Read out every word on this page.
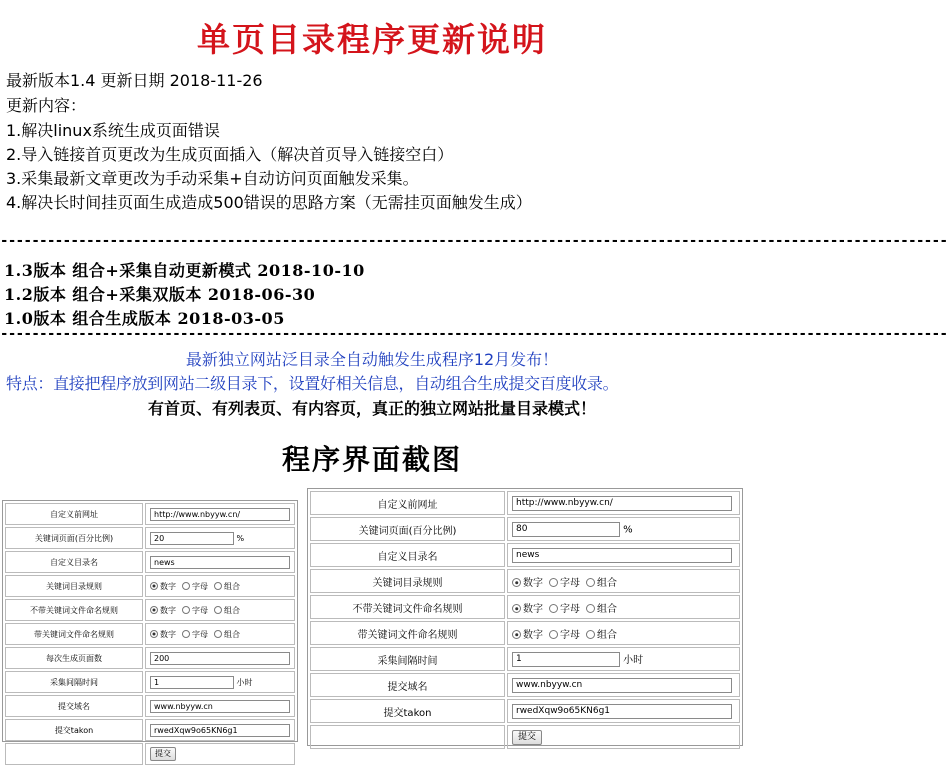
单页目录程序更新说明
最新版本1.4 更新日期 2018-11-26
更新内容：
1.解决linux系统生成页面错误
2.导入链接首页更改为生成页面插入（解决首页导入链接空白）
3.采集最新文章更改为手动采集+自动访问页面触发采集。
4.解决长时间挂页面生成造成500错误的思路方案（无需挂页面触发生成）
-------------------------------------------------------------------------------------------------------------------------
1.3版本 组合+采集自动更新模式 2018-10-10
1.2版本 组合+采集双版本 2018-06-30
1.0版本 组合生成版本 2018-03-05
-------------------------------------------------------------------------------------------------------------------------
最新独立网站泛目录全自动触发生成程序12月发布！
特点：直接把程序放到网站二级目录下，设置好相关信息，自动组合生成提交百度收录。
有首页、有列表页、有内容页，真正的独立网站批量目录模式！
程序界面截图
自定义前网址	http://www.nbyyw.cn/
关键词页面(百分比例)	20 %
自定义目录名	news
关键词目录规则	数字 字母 组合
不带关键词文件命名规则	数字 字母 组合
带关键词文件命名规则	数字 字母 组合
每次生成页面数	200
采集间隔时间	1 小时
提交域名	www.nbyyw.cn
提交takon	rwedXqw9o65KN6g1
	提交
自定义前网址	http://www.nbyyw.cn/
关键词页面(百分比例)	80 %
自定义目录名	news
关键词目录规则	数字 字母 组合
不带关键词文件命名规则	数字 字母 组合
带关键词文件命名规则	数字 字母 组合
采集间隔时间	1 小时
提交域名	www.nbyyw.cn
提交takon	rwedXqw9o65KN6g1
	提交
